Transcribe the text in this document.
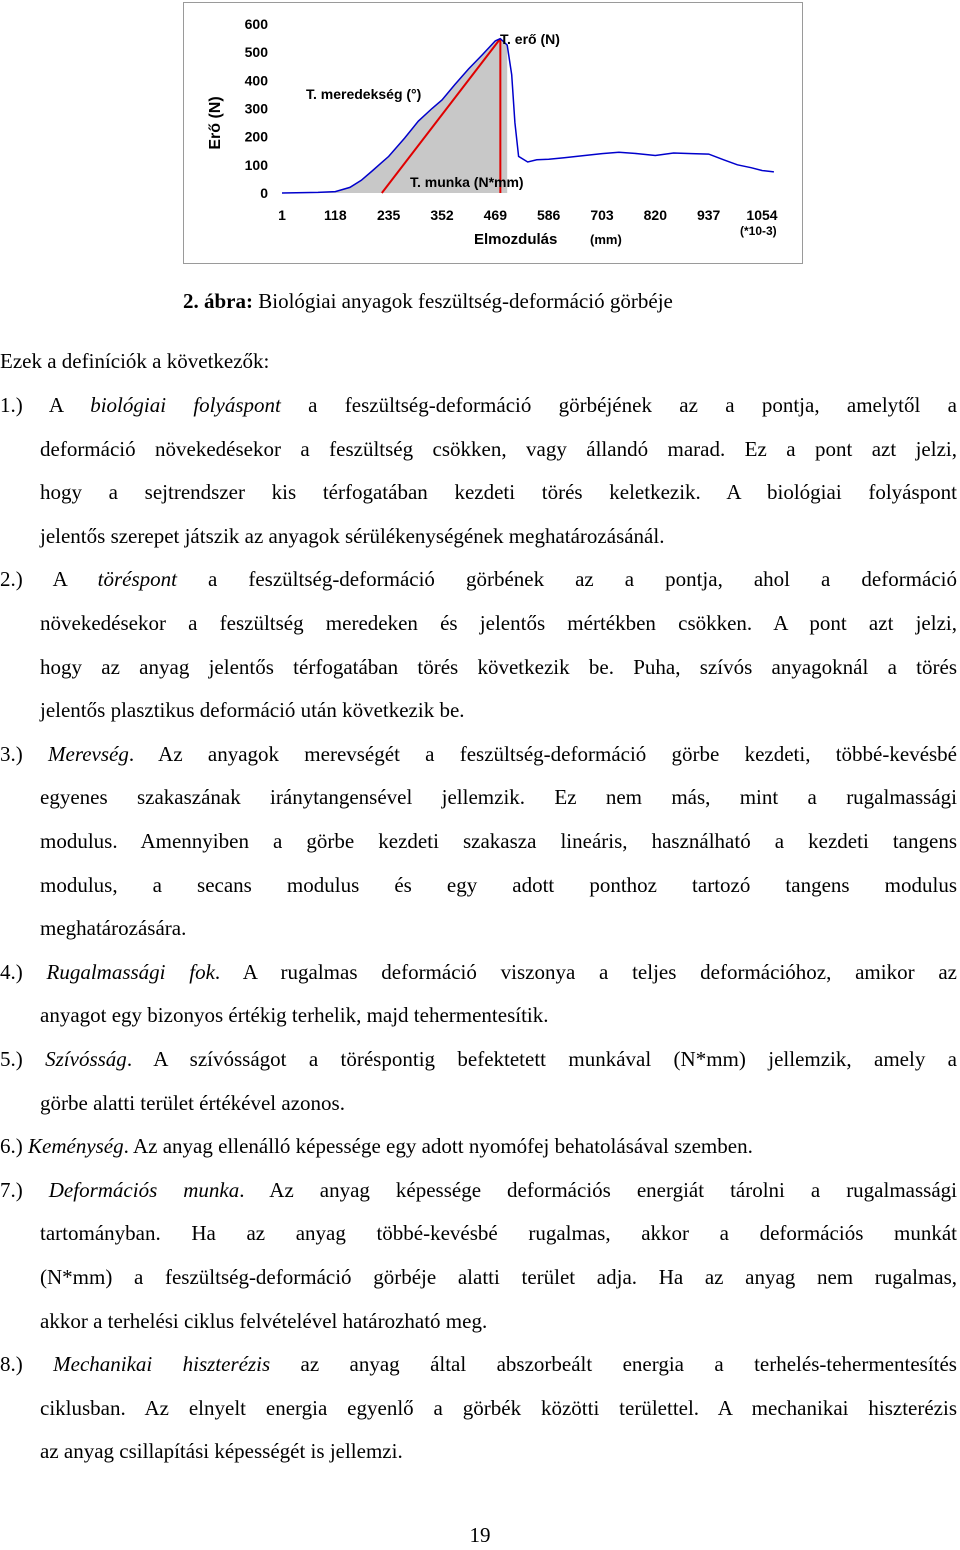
600
500
400
300
200
100
0
1	118 235 352 469 586 703 820 937 1054
Erő (N)
Elmozdulás	(mm)
(*10-3)
T. erő (N)
T. meredekség (°)
T. munka (N*mm)
2. ábra: Biológiai anyagok feszültség-deformáció görbéje
Ezek a definíciók a következők:
1.) A biológiai folyáspont a feszültség-deformáció görbéjének az a pontja, amelytől a
deformáció növekedésekor a feszültség csökken, vagy állandó marad. Ez a pont azt jelzi,
hogy a sejtrendszer kis térfogatában kezdeti törés keletkezik. A biológiai folyáspont
jelentős szerepet játszik az anyagok sérülékenységének meghatározásánál.
2.) A töréspont a feszültség-deformáció görbének az a pontja, ahol a deformáció
növekedésekor a feszültség meredeken és jelentős mértékben csökken. A pont azt jelzi,
hogy az anyag jelentős térfogatában törés következik be. Puha, szívós anyagoknál a törés
jelentős plasztikus deformáció után következik be.
3.) Merevség. Az anyagok merevségét a feszültség-deformáció görbe kezdeti, többé-kevésbé
egyenes szakaszának iránytangensével jellemzik. Ez nem más, mint a rugalmassági
modulus. Amennyiben a görbe kezdeti szakasza lineáris, használható a kezdeti tangens
modulus, a secans modulus és egy adott ponthoz tartozó tangens modulus
meghatározására.
4.) Rugalmassági fok. A rugalmas deformáció viszonya a teljes deformációhoz, amikor az
anyagot egy bizonyos értékig terhelik, majd tehermentesítik.
5.) Szívósság. A szívósságot a töréspontig befektetett munkával (N*mm) jellemzik, amely a
görbe alatti terület értékével azonos.
6.) Keménység. Az anyag ellenálló képessége egy adott nyomófej behatolásával szemben.
7.) Deformációs munka. Az anyag képessége deformációs energiát tárolni a rugalmassági
tartományban. Ha az anyag többé-kevésbé rugalmas, akkor a deformációs munkát
(N*mm) a feszültség-deformáció görbéje alatti terület adja. Ha az anyag nem rugalmas,
akkor a terhelési ciklus felvételével határozható meg.
8.) Mechanikai hiszterézis az anyag által abszorbeált energia a terhelés-tehermentesítés
ciklusban. Az elnyelt energia egyenlő a görbék közötti területtel. A mechanikai hiszterézis
az anyag csillapítási képességét is jellemzi.
19
